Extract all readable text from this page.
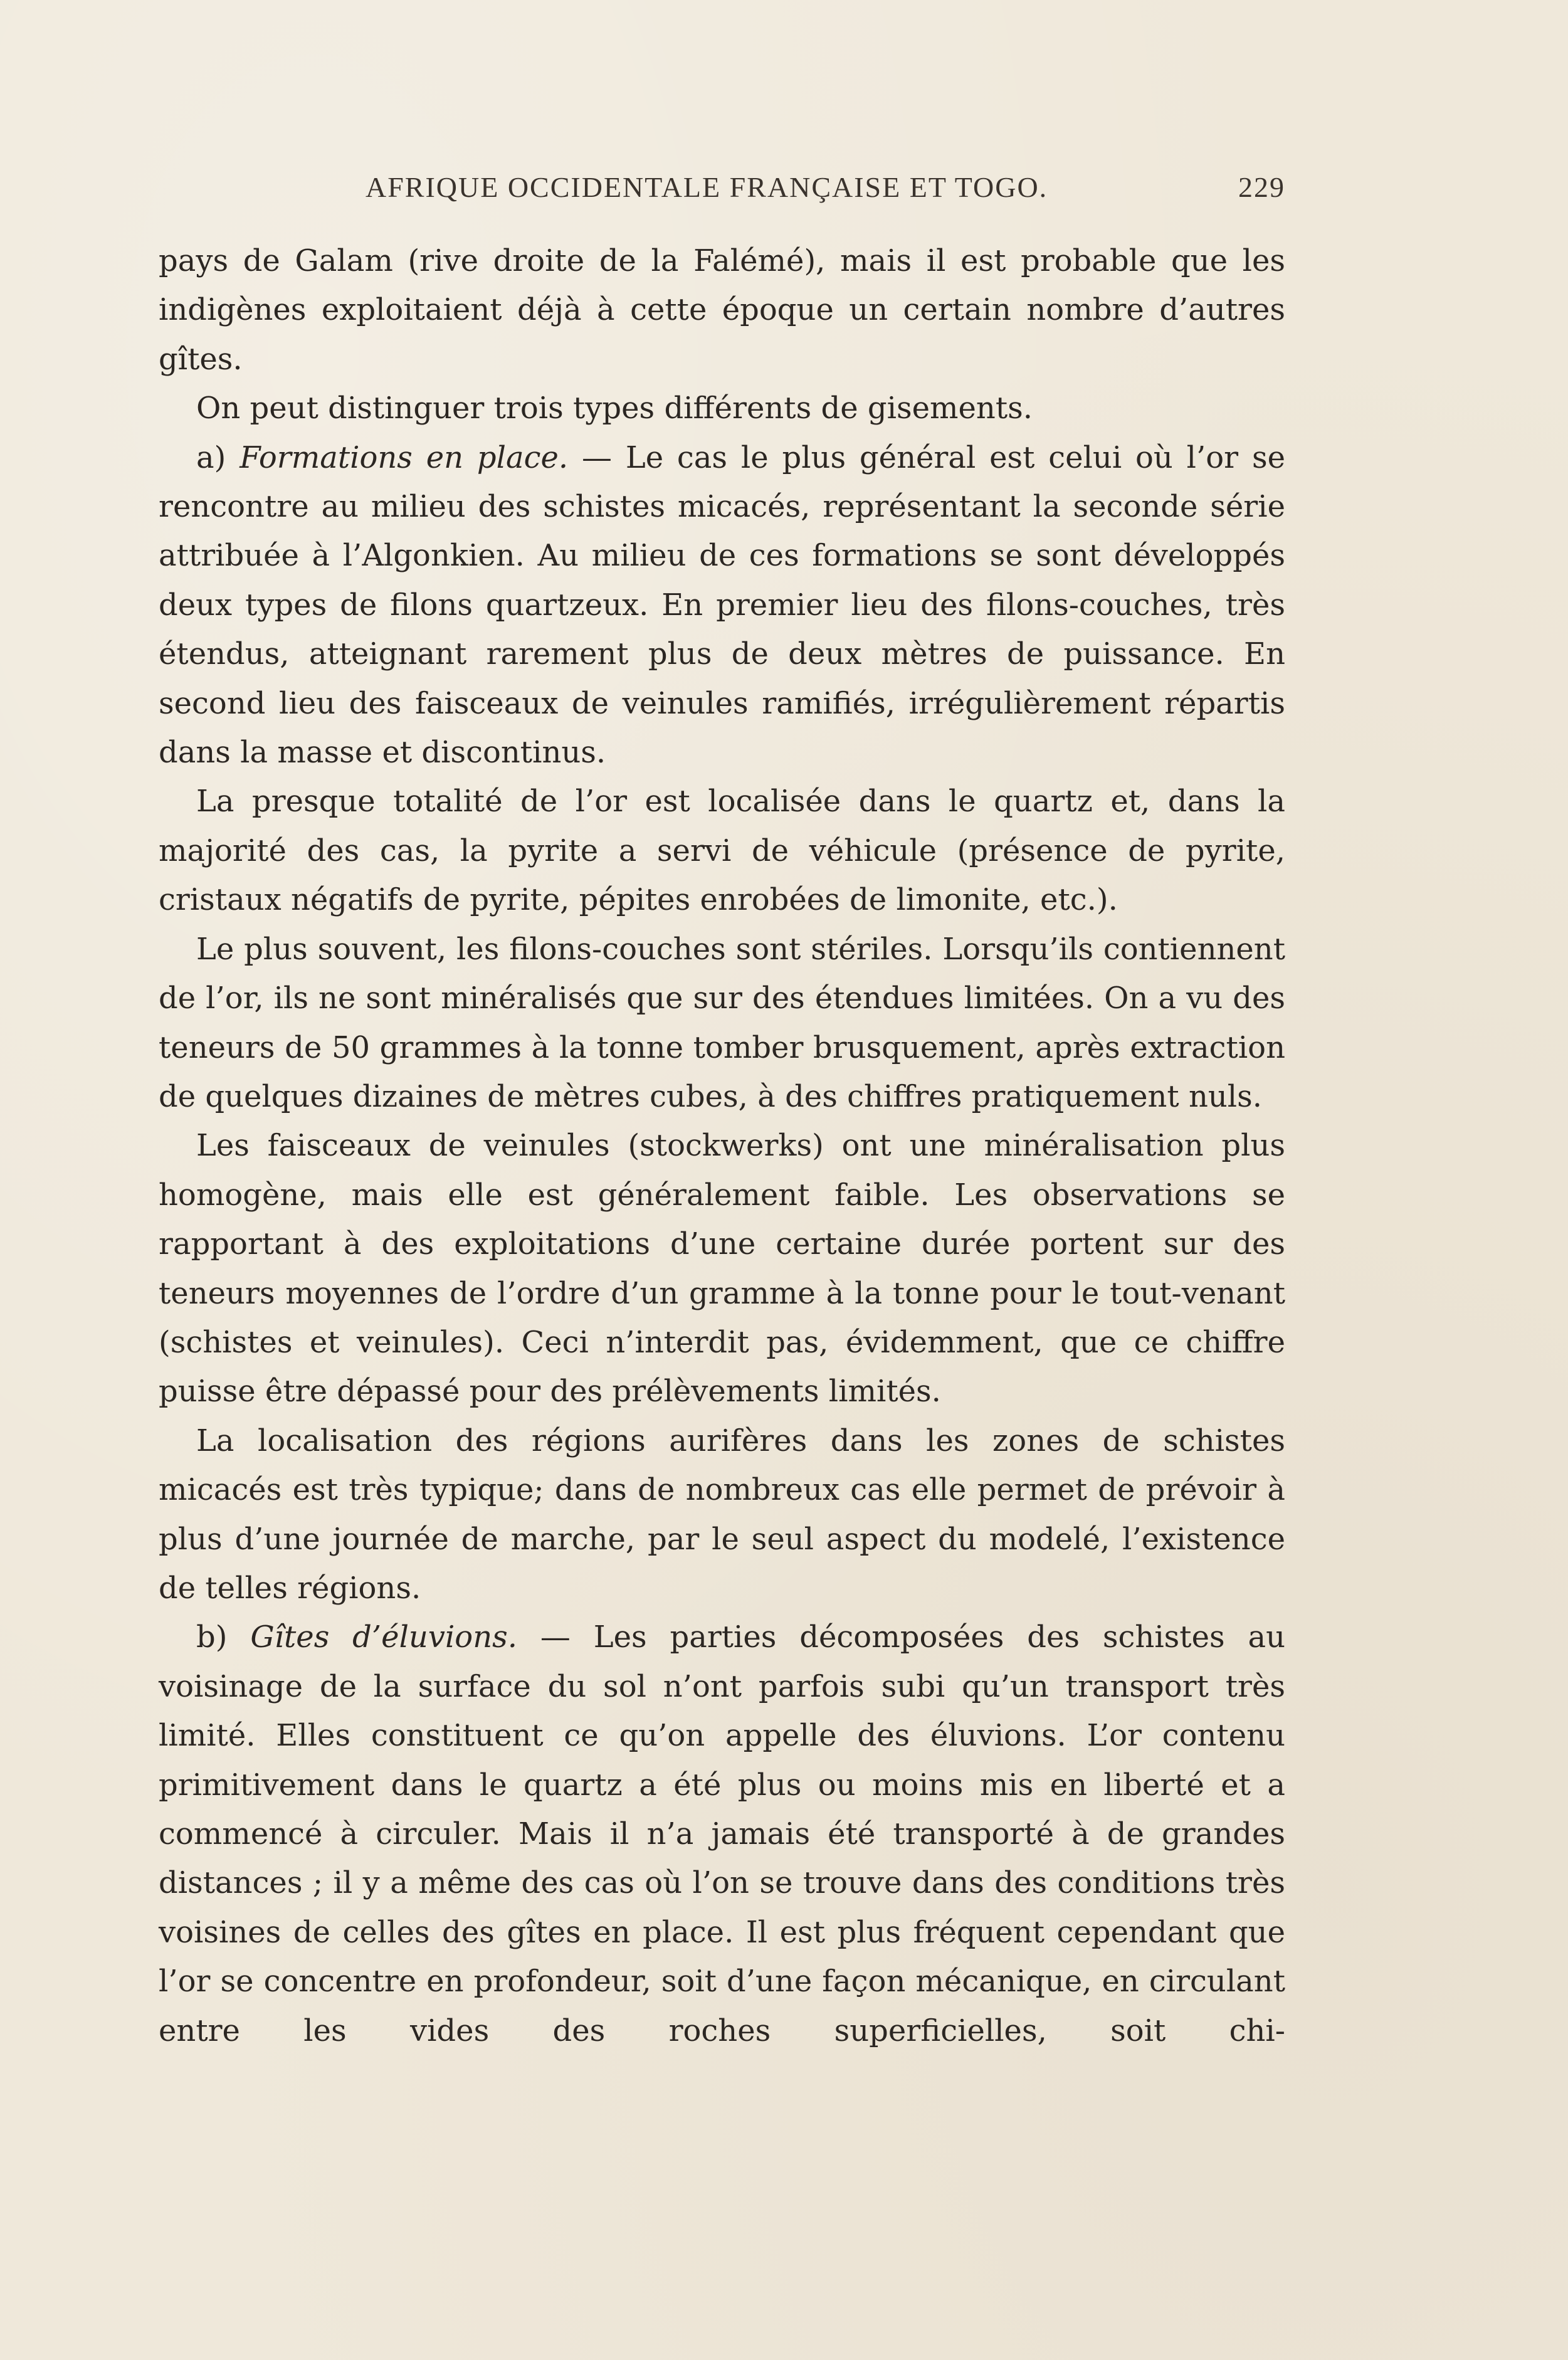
AFRIQUE OCCIDENTALE FRANÇAISE ET TOGO.	229

pays de Galam (rive droite de la Falémé), mais il est probable que les indigènes exploitaient déjà à cette époque un certain nombre d’autres gîtes.

On peut distinguer trois types différents de gisements.

a) Formations en place. — Le cas le plus général est celui où l’or se rencontre au milieu des schistes micacés, représentant la seconde série attribuée à l’Algonkien. Au milieu de ces formations se sont développés deux types de filons quartzeux. En premier lieu des filons-couches, très étendus, atteignant rarement plus de deux mètres de puissance. En second lieu des faisceaux de veinules ramifiés, irrégulièrement répartis dans la masse et discontinus.

La presque totalité de l’or est localisée dans le quartz et, dans la majorité des cas, la pyrite a servi de véhicule (présence de pyrite, cristaux négatifs de pyrite, pépites enrobées de limonite, etc.).

Le plus souvent, les filons-couches sont stériles. Lorsqu’ils contiennent de l’or, ils ne sont minéralisés que sur des étendues limitées. On a vu des teneurs de 50 grammes à la tonne tomber brusquement, après extraction de quelques dizaines de mètres cubes, à des chiffres pratiquement nuls.

Les faisceaux de veinules (stockwerks) ont une minéralisation plus homogène, mais elle est généralement faible. Les observations se rapportant à des exploitations d’une certaine durée portent sur des teneurs moyennes de l’ordre d’un gramme à la tonne pour le tout-venant (schistes et veinules). Ceci n’interdit pas, évidemment, que ce chiffre puisse être dépassé pour des prélèvements limités.

La localisation des régions aurifères dans les zones de schistes micacés est très typique; dans de nombreux cas elle permet de prévoir à plus d’une journée de marche, par le seul aspect du modelé, l’existence de telles régions.

b) Gîtes d’éluvions. — Les parties décomposées des schistes au voisinage de la surface du sol n’ont parfois subi qu’un transport très limité. Elles constituent ce qu’on appelle des éluvions. L’or contenu primitivement dans le quartz a été plus ou moins mis en liberté et a commencé à circuler. Mais il n’a jamais été transporté à de grandes distances ; il y a même des cas où l’on se trouve dans des conditions très voisines de celles des gîtes en place. Il est plus fréquent cependant que l’or se concentre en profondeur, soit d’une façon mécanique, en circulant entre les vides des roches superficielles, soit chi-
